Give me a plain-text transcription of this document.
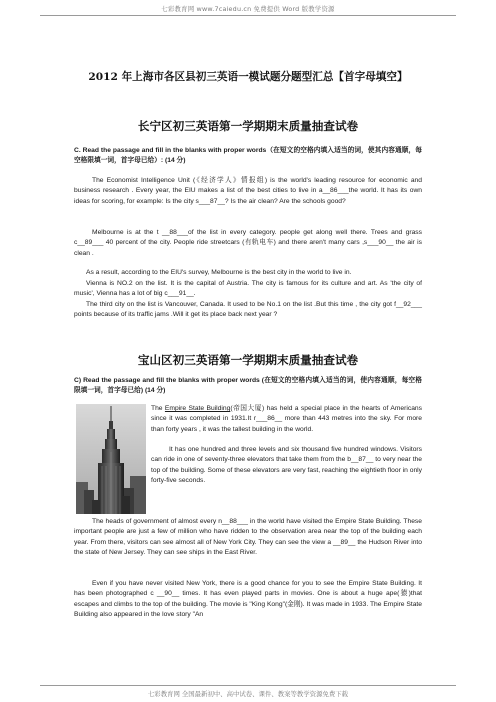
七彩教育网 www.7caiedu.cn 免费提供 Word 版教学资源
2012 年上海市各区县初三英语一模试题分题型汇总【首字母填空】
长宁区初三英语第一学期期末质量抽查试卷
C. Read the passage and fill in the blanks with proper words（在短文的空格内填入适当的词，使其内容通顺，每空格限填一词，首字母已给）: (14 分)
The Economist Intelligence Unit (《经济学人》情报组) is the world's leading resource for economic and business research . Every year, the EIU makes a list of the best cities to live in a__86___the world. It has its own ideas for scoring, for example: Is the city s___87__? Is the air clean? Are the schools good?
Melbourne is at the t __88___of the list in every category. people get along well there. Trees and grass c__89___ 40 percent of the city. People ride streetcars (有轨电车) and there aren't many cars ,s___90__ the air is clean .
As a result, according to the EIU's survey, Melbourne is the best city in the world to live in.
Vienna is NO.2 on the list. It is the capital of Austria. The city is famous for its culture and art. As 'the city of music', Vienna has a lot of big c___91__.
The third city on the list is Vancouver, Canada. It used to be No.1 on the list .But this time , the city got f__92___ points because of its traffic jams .Will it get its place back next year ?
宝山区初三英语第一学期期末质量抽查试卷
C) Read the passage and fill the blanks with proper words (在短文的空格内填入适当的词，使内容通顺，每空格限填一词，首字母已给) (14 分)
The Empire State Building(帝国大厦) has held a special place in the hearts of Americans since it was completed in 1931.It r___86__ more than 443 metres into the sky. For more than forty years , it was the tallest building in the world.
It has one hundred and three levels and six thousand five hundred windows. Visitors can ride in one of seventy-three elevators that take them from the b__87__ to very near the top of the building. Some of these elevators are very fast, reaching the eightieth floor in only forty-five seconds.
The heads of government of almost every n__88___ in the world have visited the Empire State Building. These important people are just a few of million who have ridden to the observation area near the top of the building each year. From there, visitors can see almost all of New York City. They can see the view a __89__ the Hudson River into the state of New Jersey. They can see ships in the East River.
Even if you have never visited New York, there is a good chance for you to see the Empire State Building. It has been photographed c __90__ times. It has even played parts in movies. One is about a huge ape(猿)that escapes and climbs to the top of the building. The movie is "King Kong"(金刚). It was made in 1933. The Empire State Building also appeared in the love story "An
七彩教育网 全国最新初中、高中试卷、课件、教案等教学资源免费下载
